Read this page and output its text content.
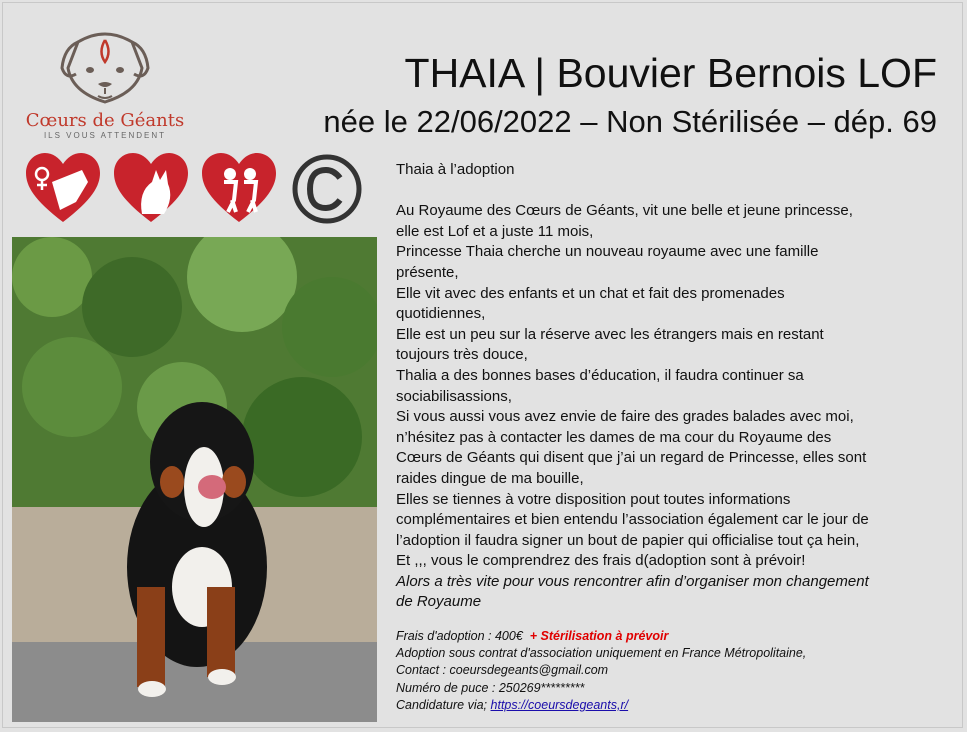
Cœurs de Géants
ILS VOUS ATTENDENT
THAIA | Bouvier Bernois LOF
née le 22/06/2022 – Non Stérilisée – dép. 69

Thaia à l’adoption

Au Royaume des Cœurs de Géants, vit une belle et jeune princesse,

elle est Lof et a juste 11 mois,

Princesse Thaia cherche un nouveau royaume avec une famille

présente,

Elle vit avec des enfants et un chat et fait des promenades

quotidiennes,

Elle est un peu sur la réserve avec les étrangers mais en restant

toujours très douce,

Thalia a des bonnes bases d’éducation, il faudra continuer sa

sociabilisassions,

Si vous aussi vous avez envie de faire des grades balades avec moi,

n’hésitez pas à contacter les dames de ma cour du Royaume des

Cœurs de Géants qui disent que j’ai un regard de Princesse, elles sont

raides dingue de ma bouille,

Elles se tiennes à votre disposition pout toutes informations

complémentaires et bien entendu l’association également car le jour de

l’adoption il faudra signer un bout de papier qui officialise tout ça hein,

Et ,,, vous le comprendrez des frais d(adoption sont à prévoir!

Alors a très vite pour vous rencontrer afin d’organiser mon changement

de Royaume

Frais d'adoption : 400€ + Stérilisation à prévoir

Adoption sous contrat d'association uniquement en France Métropolitaine,

Contact : coeursdegeants@gmail.com

Numéro de puce : 250269*********

Candidature via; https://coeursdegeants,r/
